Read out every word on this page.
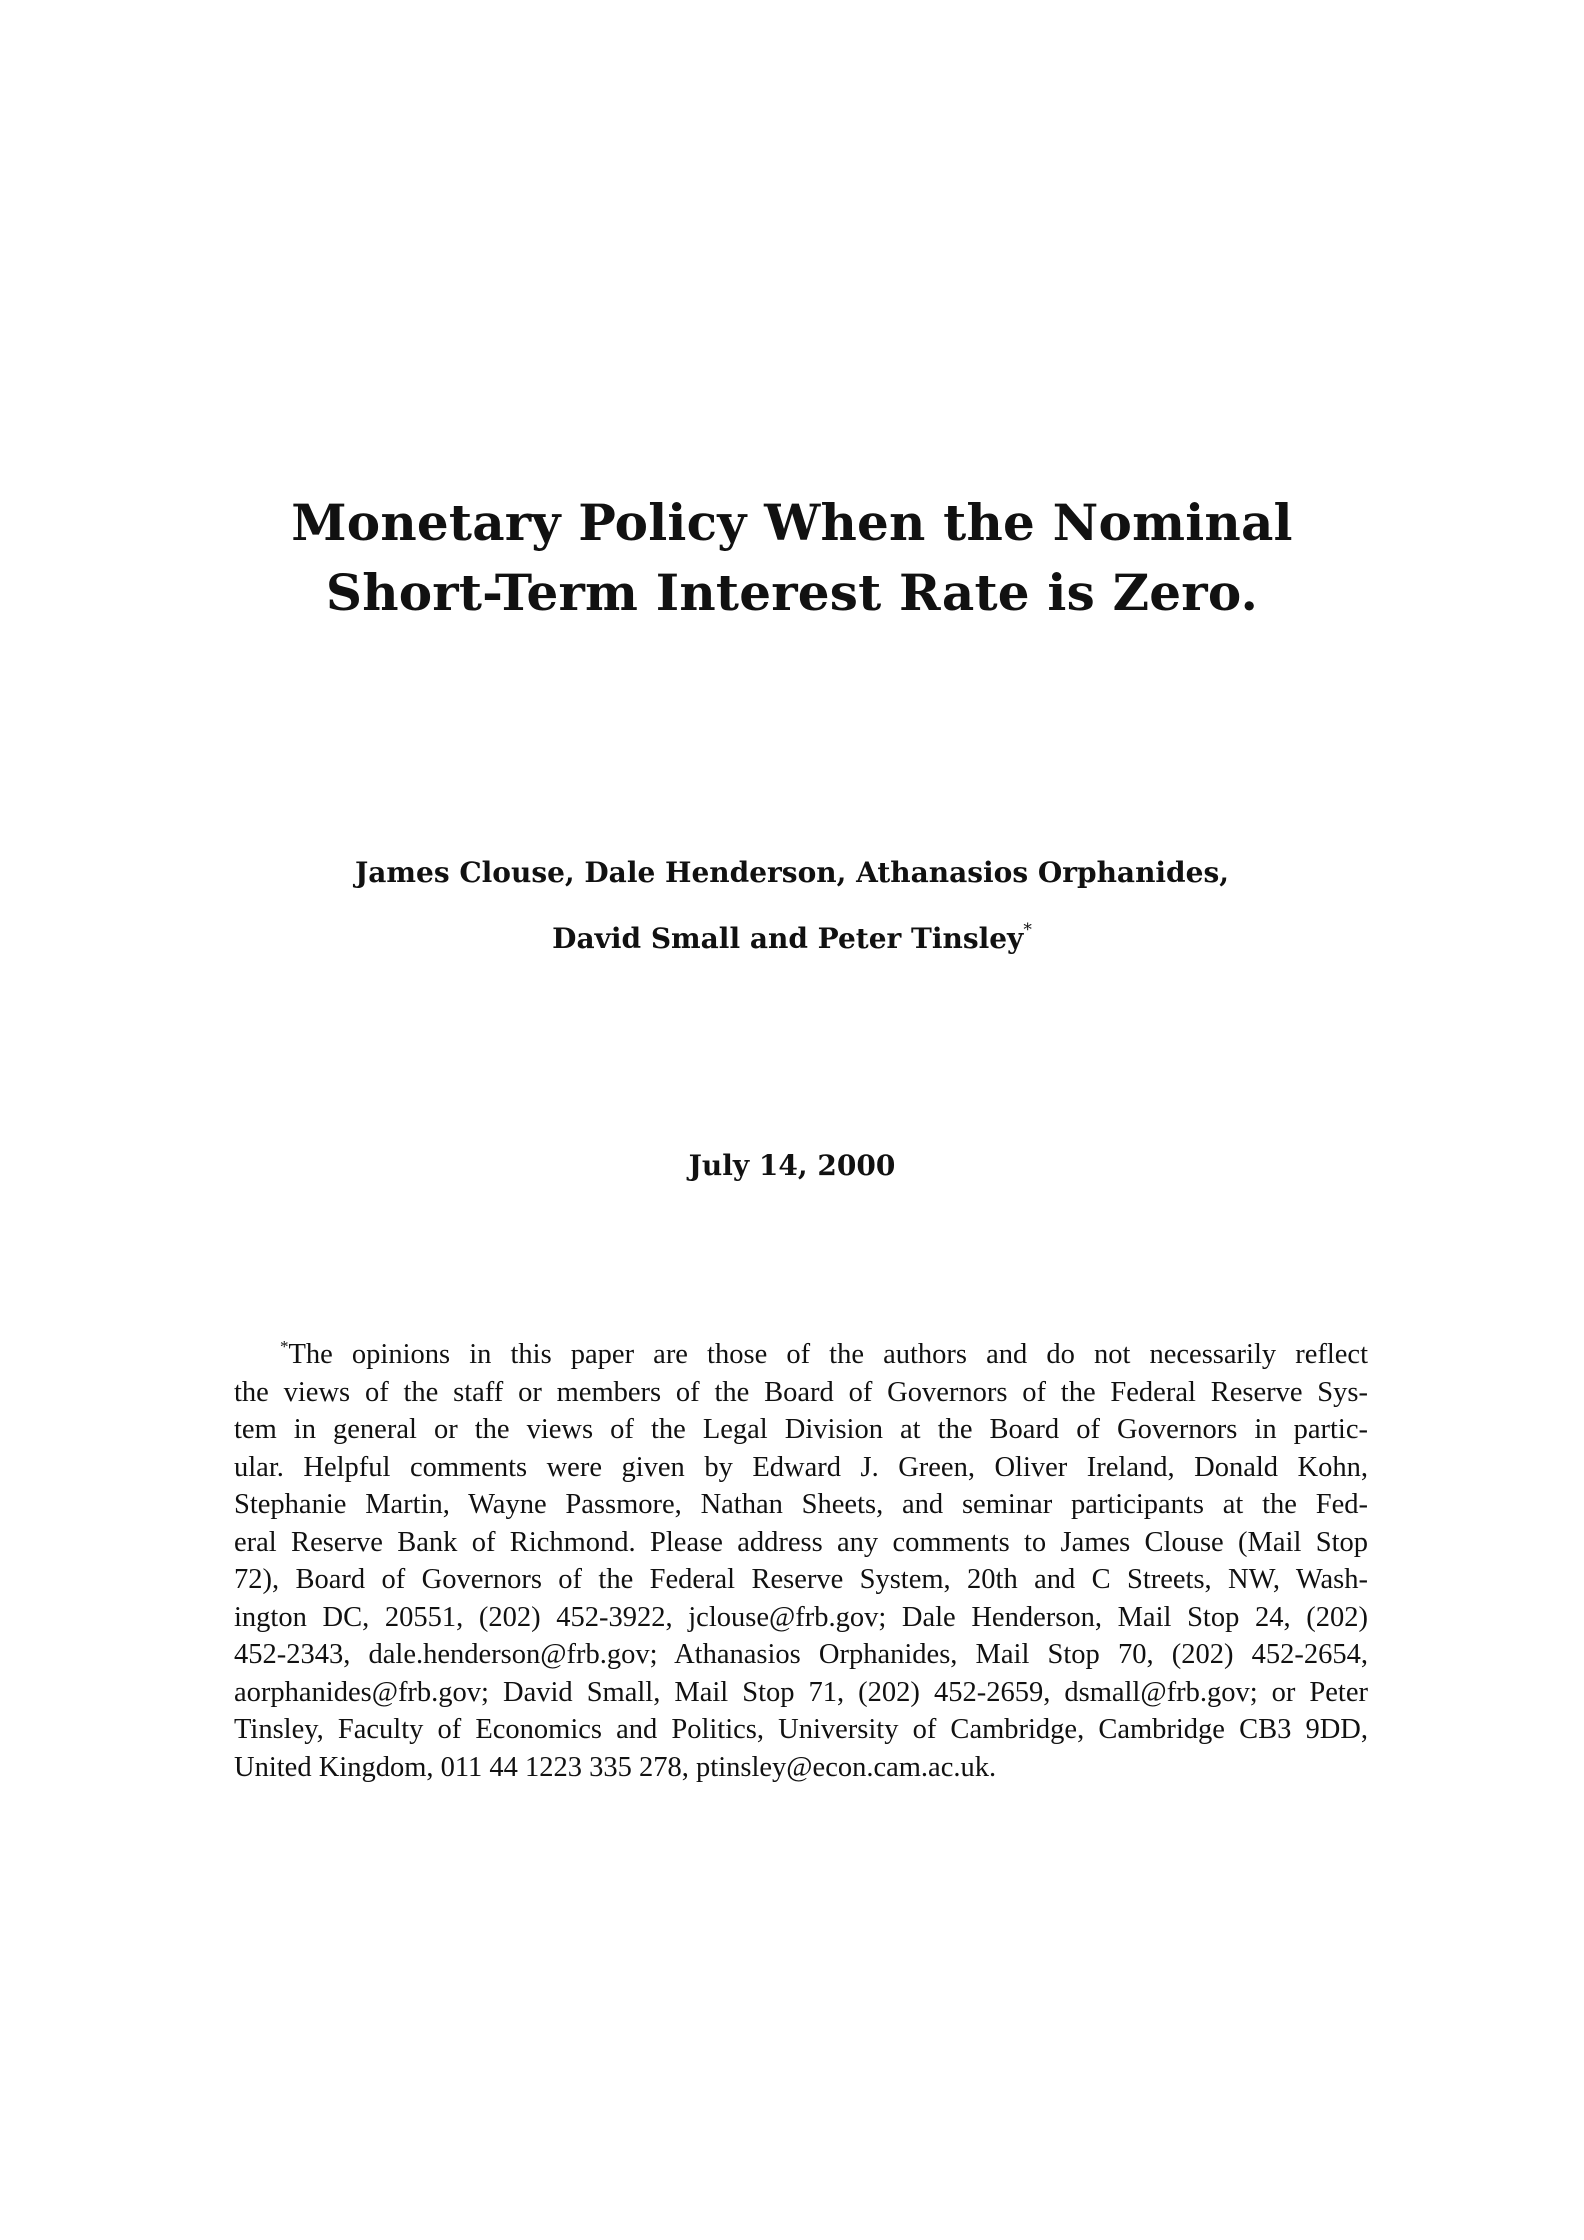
Monetary Policy When the Nominal
Short-Term Interest Rate is Zero.
James Clouse, Dale Henderson, Athanasios Orphanides,
David Small and Peter Tinsley*
July 14, 2000
*The opinions in this paper are those of the authors and do not necessarily reflect
the views of the staff or members of the Board of Governors of the Federal Reserve Sys-
tem in general or the views of the Legal Division at the Board of Governors in partic-
ular. Helpful comments were given by Edward J. Green, Oliver Ireland, Donald Kohn,
Stephanie Martin, Wayne Passmore, Nathan Sheets, and seminar participants at the Fed-
eral Reserve Bank of Richmond. Please address any comments to James Clouse (Mail Stop
72), Board of Governors of the Federal Reserve System, 20th and C Streets, NW, Wash-
ington DC, 20551, (202) 452-3922, jclouse@frb.gov; Dale Henderson, Mail Stop 24, (202)
452-2343, dale.henderson@frb.gov; Athanasios Orphanides, Mail Stop 70, (202) 452-2654,
aorphanides@frb.gov; David Small, Mail Stop 71, (202) 452-2659, dsmall@frb.gov; or Peter
Tinsley, Faculty of Economics and Politics, University of Cambridge, Cambridge CB3 9DD,
United Kingdom, 011 44 1223 335 278, ptinsley@econ.cam.ac.uk.
